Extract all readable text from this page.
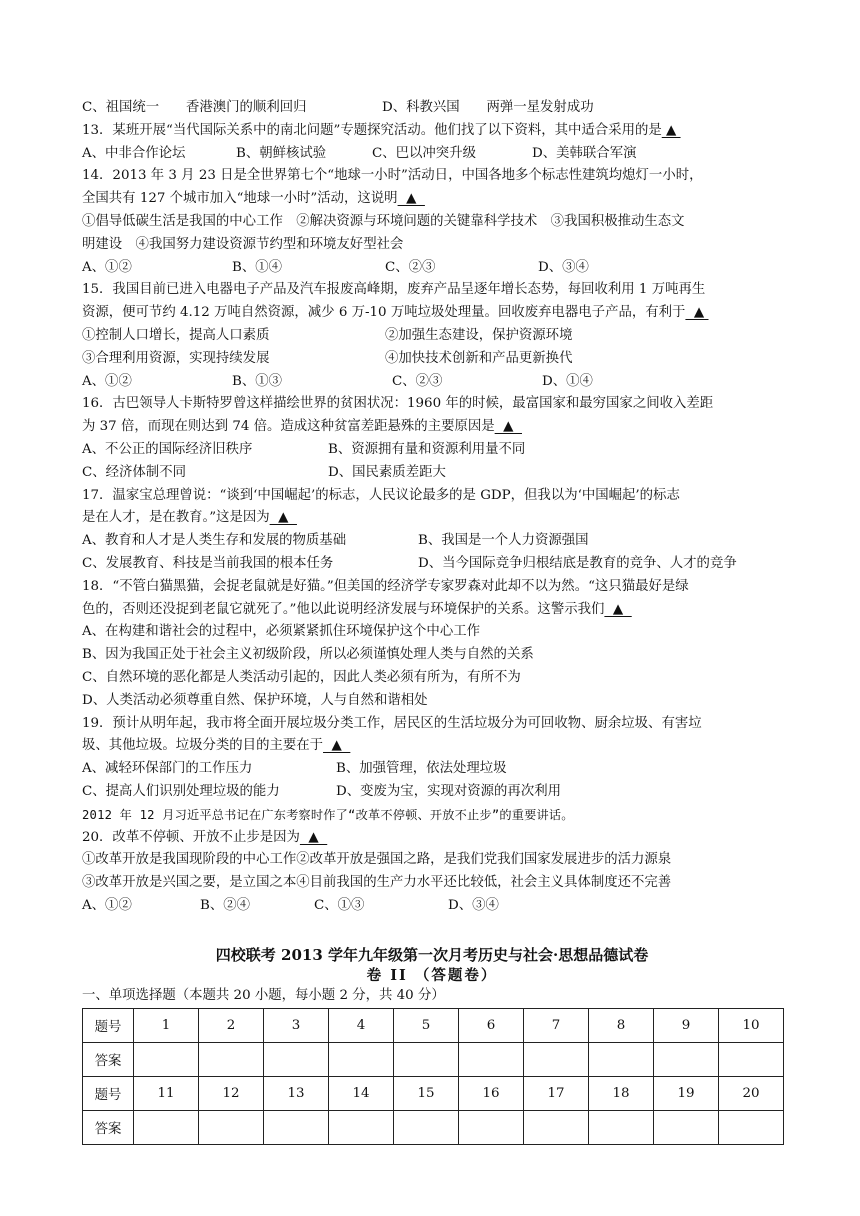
C、祖国统一　　香港澳门的顺利回归	D、科教兴国　　两弹一星发射成功
13．某班开展“当代国际关系中的南北问题”专题探究活动。他们找了以下资料，其中适合采用的是 ▲
A、中非合作论坛	B、朝鲜核试验	C、巴以冲突升级	D、美韩联合军演
14．2013 年 3 月 23 日是全世界第七个“地球一小时”活动日，中国各地多个标志性建筑均熄灯一小时，
全国共有 127 个城市加入“地球一小时”活动，这说明  ▲
①倡导低碳生活是我国的中心工作　②解决资源与环境问题的关键靠科学技术　③我国积极推动生态文
明建设　④我国努力建设资源节约型和环境友好型社会
A、①②	B、①④	C、②③	D、③④
15．我国目前已进入电器电子产品及汽车报废高峰期，废弃产品呈逐年增长态势，每回收利用 1 万吨再生
资源，便可节约 4.12 万吨自然资源，减少 6 万-10 万吨垃圾处理量。回收废弃电器电子产品，有利于  ▲
①控制人口增长，提高人口素质	②加强生态建设，保护资源环境
③合理利用资源，实现持续发展	④加快技术创新和产品更新换代
A、①②	B、①③	C、②③	D、①④
16．古巴领导人卡斯特罗曾这样描绘世界的贫困状况：1960 年的时候，最富国家和最穷国家之间收入差距
为 37 倍，而现在则达到 74 倍。造成这种贫富差距悬殊的主要原因是  ▲
A、不公正的国际经济旧秩序	B、资源拥有量和资源利用量不同
C、经济体制不同	D、国民素质差距大
17．温家宝总理曾说：“谈到‘中国崛起’的标志，人民议论最多的是 GDP，但我以为‘中国崛起’的标志
是在人才，是在教育。”这是因为  ▲
A、教育和人才是人类生存和发展的物质基础	B、我国是一个人力资源强国
C、发展教育、科技是当前我国的根本任务	D、当今国际竞争归根结底是教育的竞争、人才的竞争
18．“不管白猫黑猫，会捉老鼠就是好猫。”但美国的经济学专家罗森对此却不以为然。“这只猫最好是绿
色的，否则还没捉到老鼠它就死了。”他以此说明经济发展与环境保护的关系。这警示我们  ▲
A、在构建和谐社会的过程中，必须紧紧抓住环境保护这个中心工作
B、因为我国正处于社会主义初级阶段，所以必须谨慎处理人类与自然的关系
C、自然环境的恶化都是人类活动引起的，因此人类必须有所为，有所不为
D、人类活动必须尊重自然、保护环境，人与自然和谐相处
19．预计从明年起，我市将全面开展垃圾分类工作，居民区的生活垃圾分为可回收物、厨余垃圾、有害垃
圾、其他垃圾。垃圾分类的目的主要在于  ▲
A、减轻环保部门的工作压力	B、加强管理，依法处理垃圾
C、提高人们识别处理垃圾的能力	D、变废为宝，实现对资源的再次利用
2012 年 12 月习近平总书记在广东考察时作了“改革不停顿、开放不止步”的重要讲话。
20．改革不停顿、开放不止步是因为  ▲
①改革开放是我国现阶段的中心工作②改革开放是强国之路，是我们党我们国家发展进步的活力源泉
③改革开放是兴国之要，是立国之本④目前我国的生产力水平还比较低，社会主义具体制度还不完善
A、①②	B、②④	C、①③	D、③④
四校联考 2013 学年九年级第一次月考历史与社会·思想品德试卷
卷 II （答题卷）
一、单项选择题（本题共 20 小题，每小题 2 分，共 40 分）
题号	1	2	3	4	5	6	7	8	9	10
答案										
题号	11	12	13	14	15	16	17	18	19	20
答案										
